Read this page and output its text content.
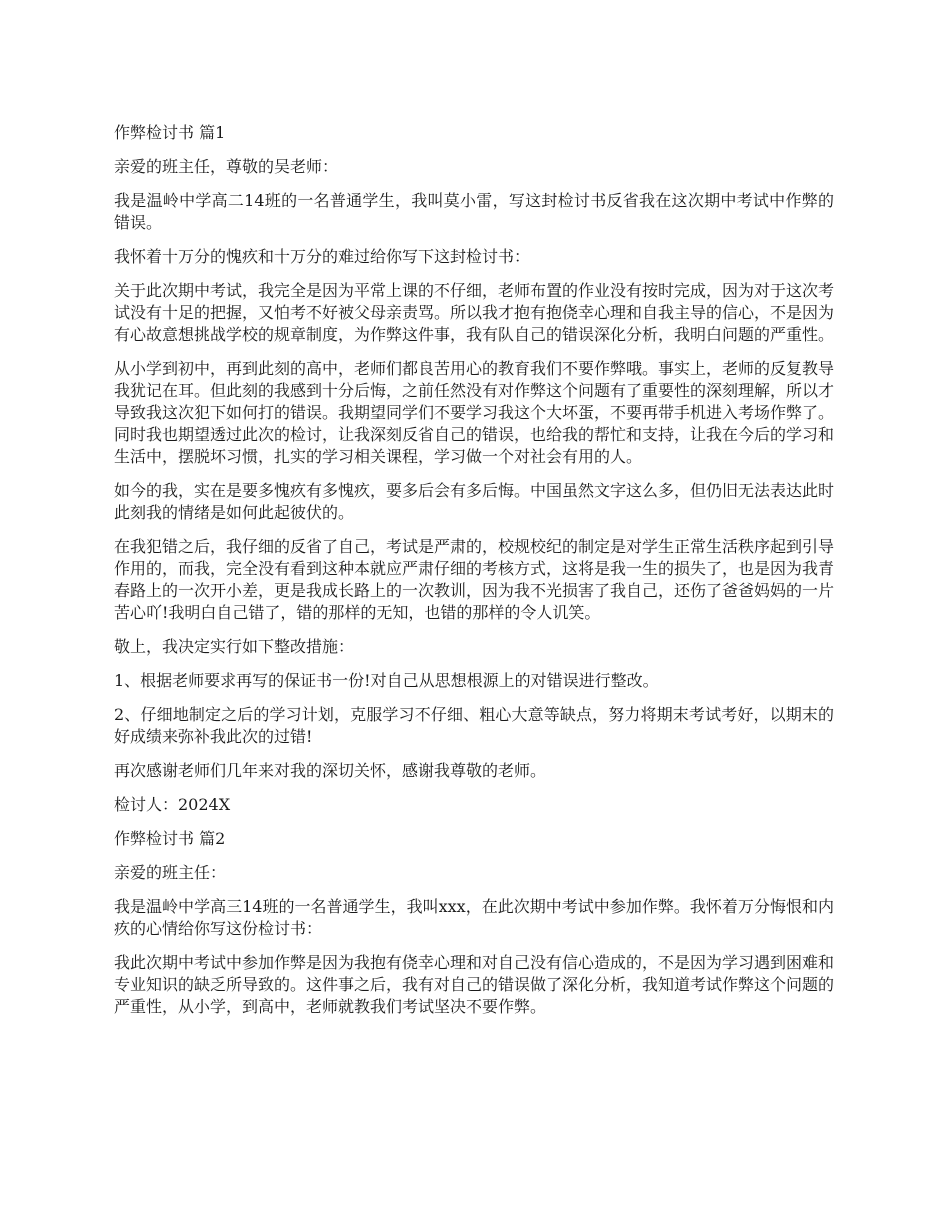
作弊检讨书 篇1

亲爱的班主任，尊敬的吴老师：

我是温岭中学高二14班的一名普通学生，我叫莫小雷，写这封检讨书反省我在这次期中考试中作弊的错误。

我怀着十万分的愧疚和十万分的难过给你写下这封检讨书：

关于此次期中考试，我完全是因为平常上课的不仔细，老师布置的作业没有按时完成，因为对于这次考试没有十足的把握，又怕考不好被父母亲责骂。所以我才抱有抱侥幸心理和自我主导的信心，不是因为有心故意想挑战学校的规章制度，为作弊这件事，我有队自己的错误深化分析，我明白问题的严重性。

从小学到初中，再到此刻的高中，老师们都良苦用心的教育我们不要作弊哦。事实上，老师的反复教导我犹记在耳。但此刻的我感到十分后悔，之前任然没有对作弊这个问题有了重要性的深刻理解，所以才导致我这次犯下如何打的错误。我期望同学们不要学习我这个大坏蛋，不要再带手机进入考场作弊了。同时我也期望透过此次的检讨，让我深刻反省自己的错误，也给我的帮忙和支持，让我在今后的学习和生活中，摆脱坏习惯，扎实的学习相关课程，学习做一个对社会有用的人。

如今的我，实在是要多愧疚有多愧疚，要多后会有多后悔。中国虽然文字这么多，但仍旧无法表达此时此刻我的情绪是如何此起彼伏的。

在我犯错之后，我仔细的反省了自己，考试是严肃的，校规校纪的制定是对学生正常生活秩序起到引导作用的，而我，完全没有看到这种本就应严肃仔细的考核方式，这将是我一生的损失了，也是因为我青春路上的一次开小差，更是我成长路上的一次教训，因为我不光损害了我自己，还伤了爸爸妈妈的一片苦心吖!我明白自己错了，错的那样的无知，也错的那样的令人讥笑。

敬上，我决定实行如下整改措施：

1、根据老师要求再写的保证书一份!对自己从思想根源上的对错误进行整改。

2、仔细地制定之后的学习计划，克服学习不仔细、粗心大意等缺点，努力将期末考试考好，以期末的好成绩来弥补我此次的过错!

再次感谢老师们几年来对我的深切关怀，感谢我尊敬的老师。

检讨人：2024X

作弊检讨书 篇2

亲爱的班主任：

我是温岭中学高三14班的一名普通学生，我叫xxx，在此次期中考试中参加作弊。我怀着万分悔恨和内疚的心情给你写这份检讨书：

我此次期中考试中参加作弊是因为我抱有侥幸心理和对自己没有信心造成的，不是因为学习遇到困难和专业知识的缺乏所导致的。这件事之后，我有对自己的错误做了深化分析，我知道考试作弊这个问题的严重性，从小学，到高中，老师就教我们考试坚决不要作弊。
